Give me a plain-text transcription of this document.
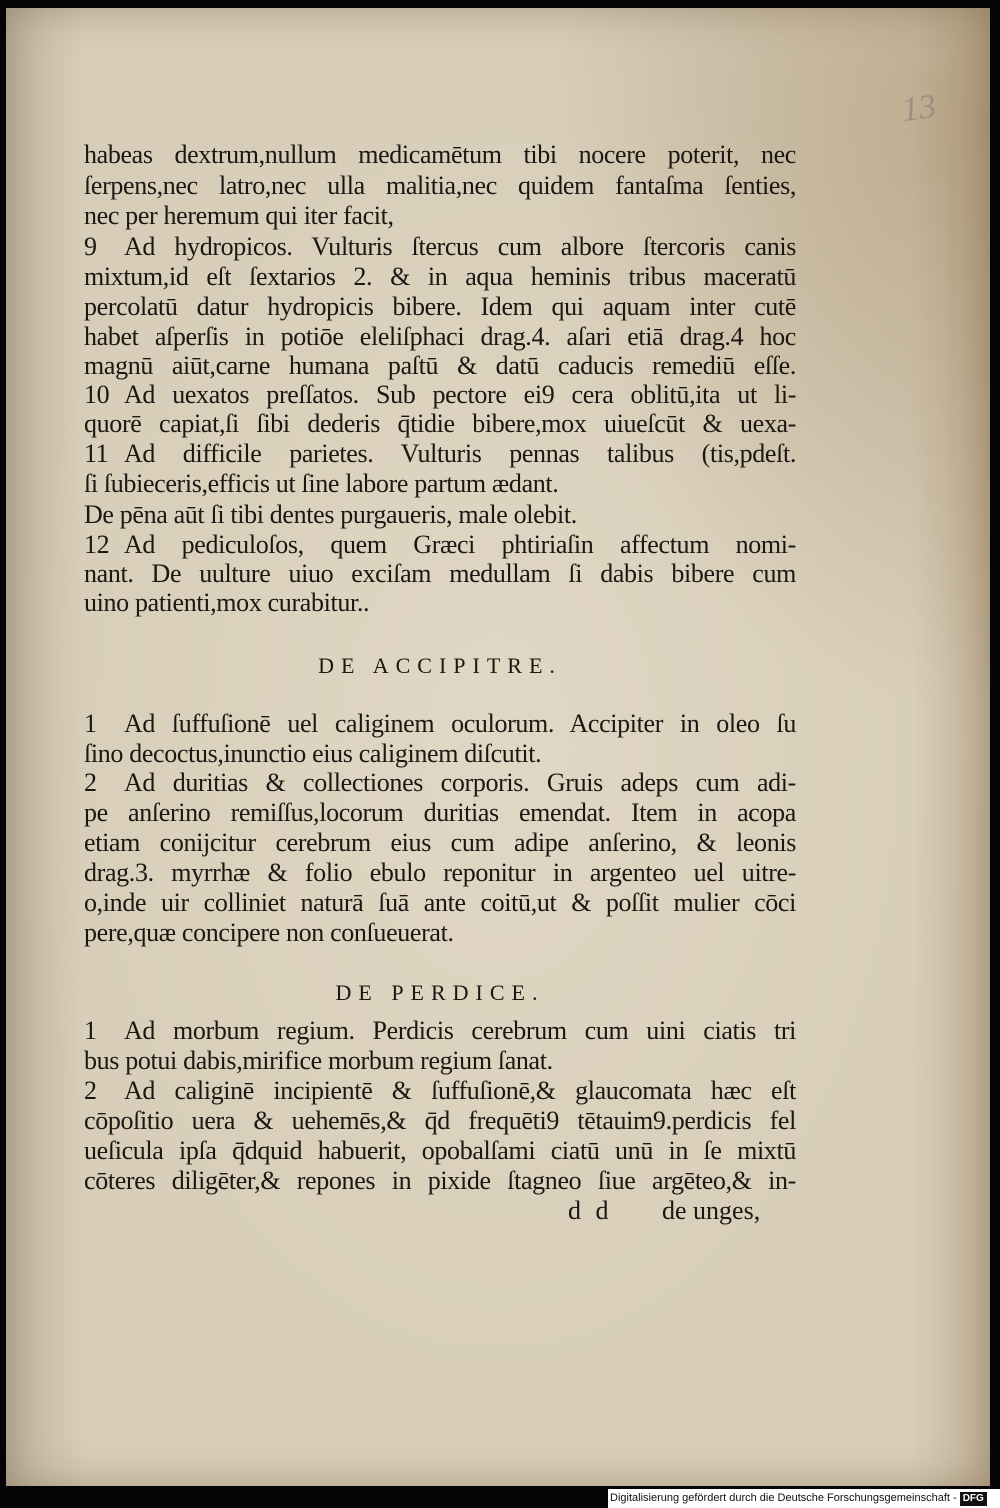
13
habeas dextrum,nullum medicamētum tibi nocere poterit, nec
ſerpens,nec latro,nec ulla malitia,nec quidem fantaſma ſenties,
nec per heremum qui iter facit,
9 Ad hydropicos. Vulturis ſtercus cum albore ſtercoris canis
mixtum,id eſt ſextarios 2. & in aqua heminis tribus maceratū
percolatū datur hydropicis bibere. Idem qui aquam inter cutē
habet aſperſis in potiōe eleliſphaci drag.4. aſari etiā drag.4 hoc
magnū aiūt,carne humana paſtū & datū caducis remediū eſſe.
10 Ad uexatos preſſatos. Sub pectore ei9 cera oblitū,ita ut li-
quorē capiat,ſi ſibi dederis q̄tidie bibere,mox uiueſcūt & uexa-
11 Ad difficile parietes. Vulturis pennas talibus (tis,pdeſt.
ſi ſubieceris,efficis ut ſine labore partum ædant.
De pēna aūt ſi tibi dentes purgaueris, male olebit.
12 Ad pediculoſos, quem Græci phtiriaſin affectum nomi-
nant. De uulture uiuo exciſam medullam ſi dabis bibere cum
uino patienti,mox curabitur..
DE ACCIPITRE.
1 Ad ſuffuſionē uel caliginem oculorum. Accipiter in oleo ſu
ſino decoctus,inunctio eius caliginem diſcutit.
2 Ad duritias & collectiones corporis. Gruis adeps cum adi-
pe anſerino remiſſus,locorum duritias emendat. Item in acopa
etiam conijcitur cerebrum eius cum adipe anſerino, & leonis
drag.3. myrrhæ & folio ebulo reponitur in argenteo uel uitre-
o,inde uir colliniet naturā ſuā ante coitū,ut & poſſit mulier cōci
pere,quæ concipere non conſueuerat.
DE PERDICE.
1 Ad morbum regium. Perdicis cerebrum cum uini ciatis tri
bus potui dabis,mirifice morbum regium ſanat.
2 Ad caliginē incipientē & ſuffuſionē,& glaucomata hæc eſt
cōpoſitio uera & uehemēs,& q̄d frequēti9 tētauim9.perdicis fel
ueſicula ipſa q̄dquid habuerit, opobalſami ciatū unū in ſe mixtū
cōteres diligēter,& repones in pixide ſtagneo ſiue argēteo,& in-
d d de unges,
Digitalisierung gefördert durch die Deutsche Forschungsgemeinschaft - DFG
